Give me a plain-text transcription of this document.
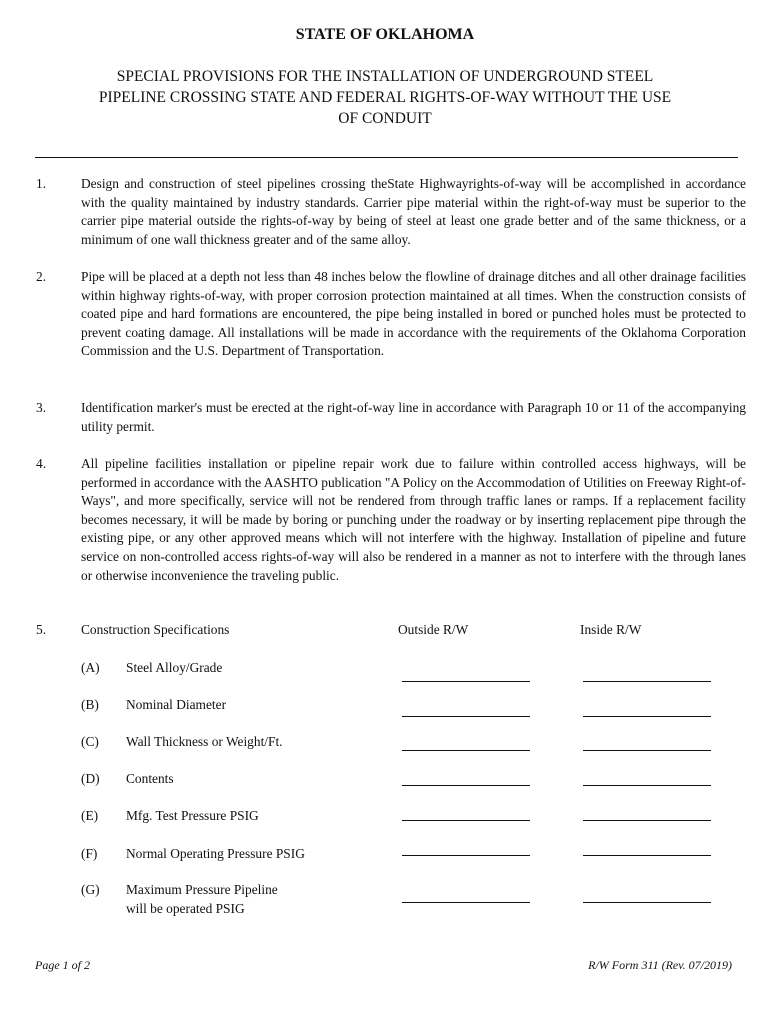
STATE OF OKLAHOMA
SPECIAL PROVISIONS FOR THE INSTALLATION OF UNDERGROUND STEEL
PIPELINE CROSSING STATE AND FEDERAL RIGHTS-OF-WAY WITHOUT THE USE
OF CONDUIT
1.	Design and construction of steel pipelines crossing theState Highwayrights-of-way will be accomplished in accordance with the quality maintained by industry standards. Carrier pipe material within the right-of-way must be superior to the carrier pipe material outside the rights-of-way by being of steel at least one grade better and of the same thickness, or a minimum of one wall thickness greater and of the same alloy.
2.	Pipe will be placed at a depth not less than 48 inches below the flowline of drainage ditches and all other drainage facilities within highway rights-of-way, with proper corrosion protection maintained at all times. When the construction consists of coated pipe and hard formations are encountered, the pipe being installed in bored or punched holes must be protected to prevent coating damage. All installations will be made in accordance with the requirements of the Oklahoma Corporation Commission and the U.S. Department of Transportation.
3.	Identification marker's must be erected at the right-of-way line in accordance with Paragraph 10 or 11 of the accompanying utility permit.
4.	All pipeline facilities installation or pipeline repair work due to failure within controlled access highways, will be performed in accordance with the AASHTO publication "A Policy on the Accommodation of Utilities on Freeway Right-of-Ways", and more specifically, service will not be rendered from through traffic lanes or ramps. If a replacement facility becomes necessary, it will be made by boring or punching under the roadway or by inserting replacement pipe through the existing pipe, or any other approved means which will not interfere with the highway. Installation of pipeline and future service on non-controlled access rights-of-way will also be rendered in a manner as not to interfere with the through lanes or otherwise inconvenience the traveling public.
5.	Construction Specifications	Outside R/W	Inside R/W
(A) Steel Alloy/Grade
(B) Nominal Diameter
(C) Wall Thickness or Weight/Ft.
(D) Contents
(E) Mfg. Test Pressure PSIG
(F) Normal Operating Pressure PSIG
(G) Maximum Pressure Pipeline
will be operated PSIG
Page 1 of 2	R/W Form 311 (Rev. 07/2019)
